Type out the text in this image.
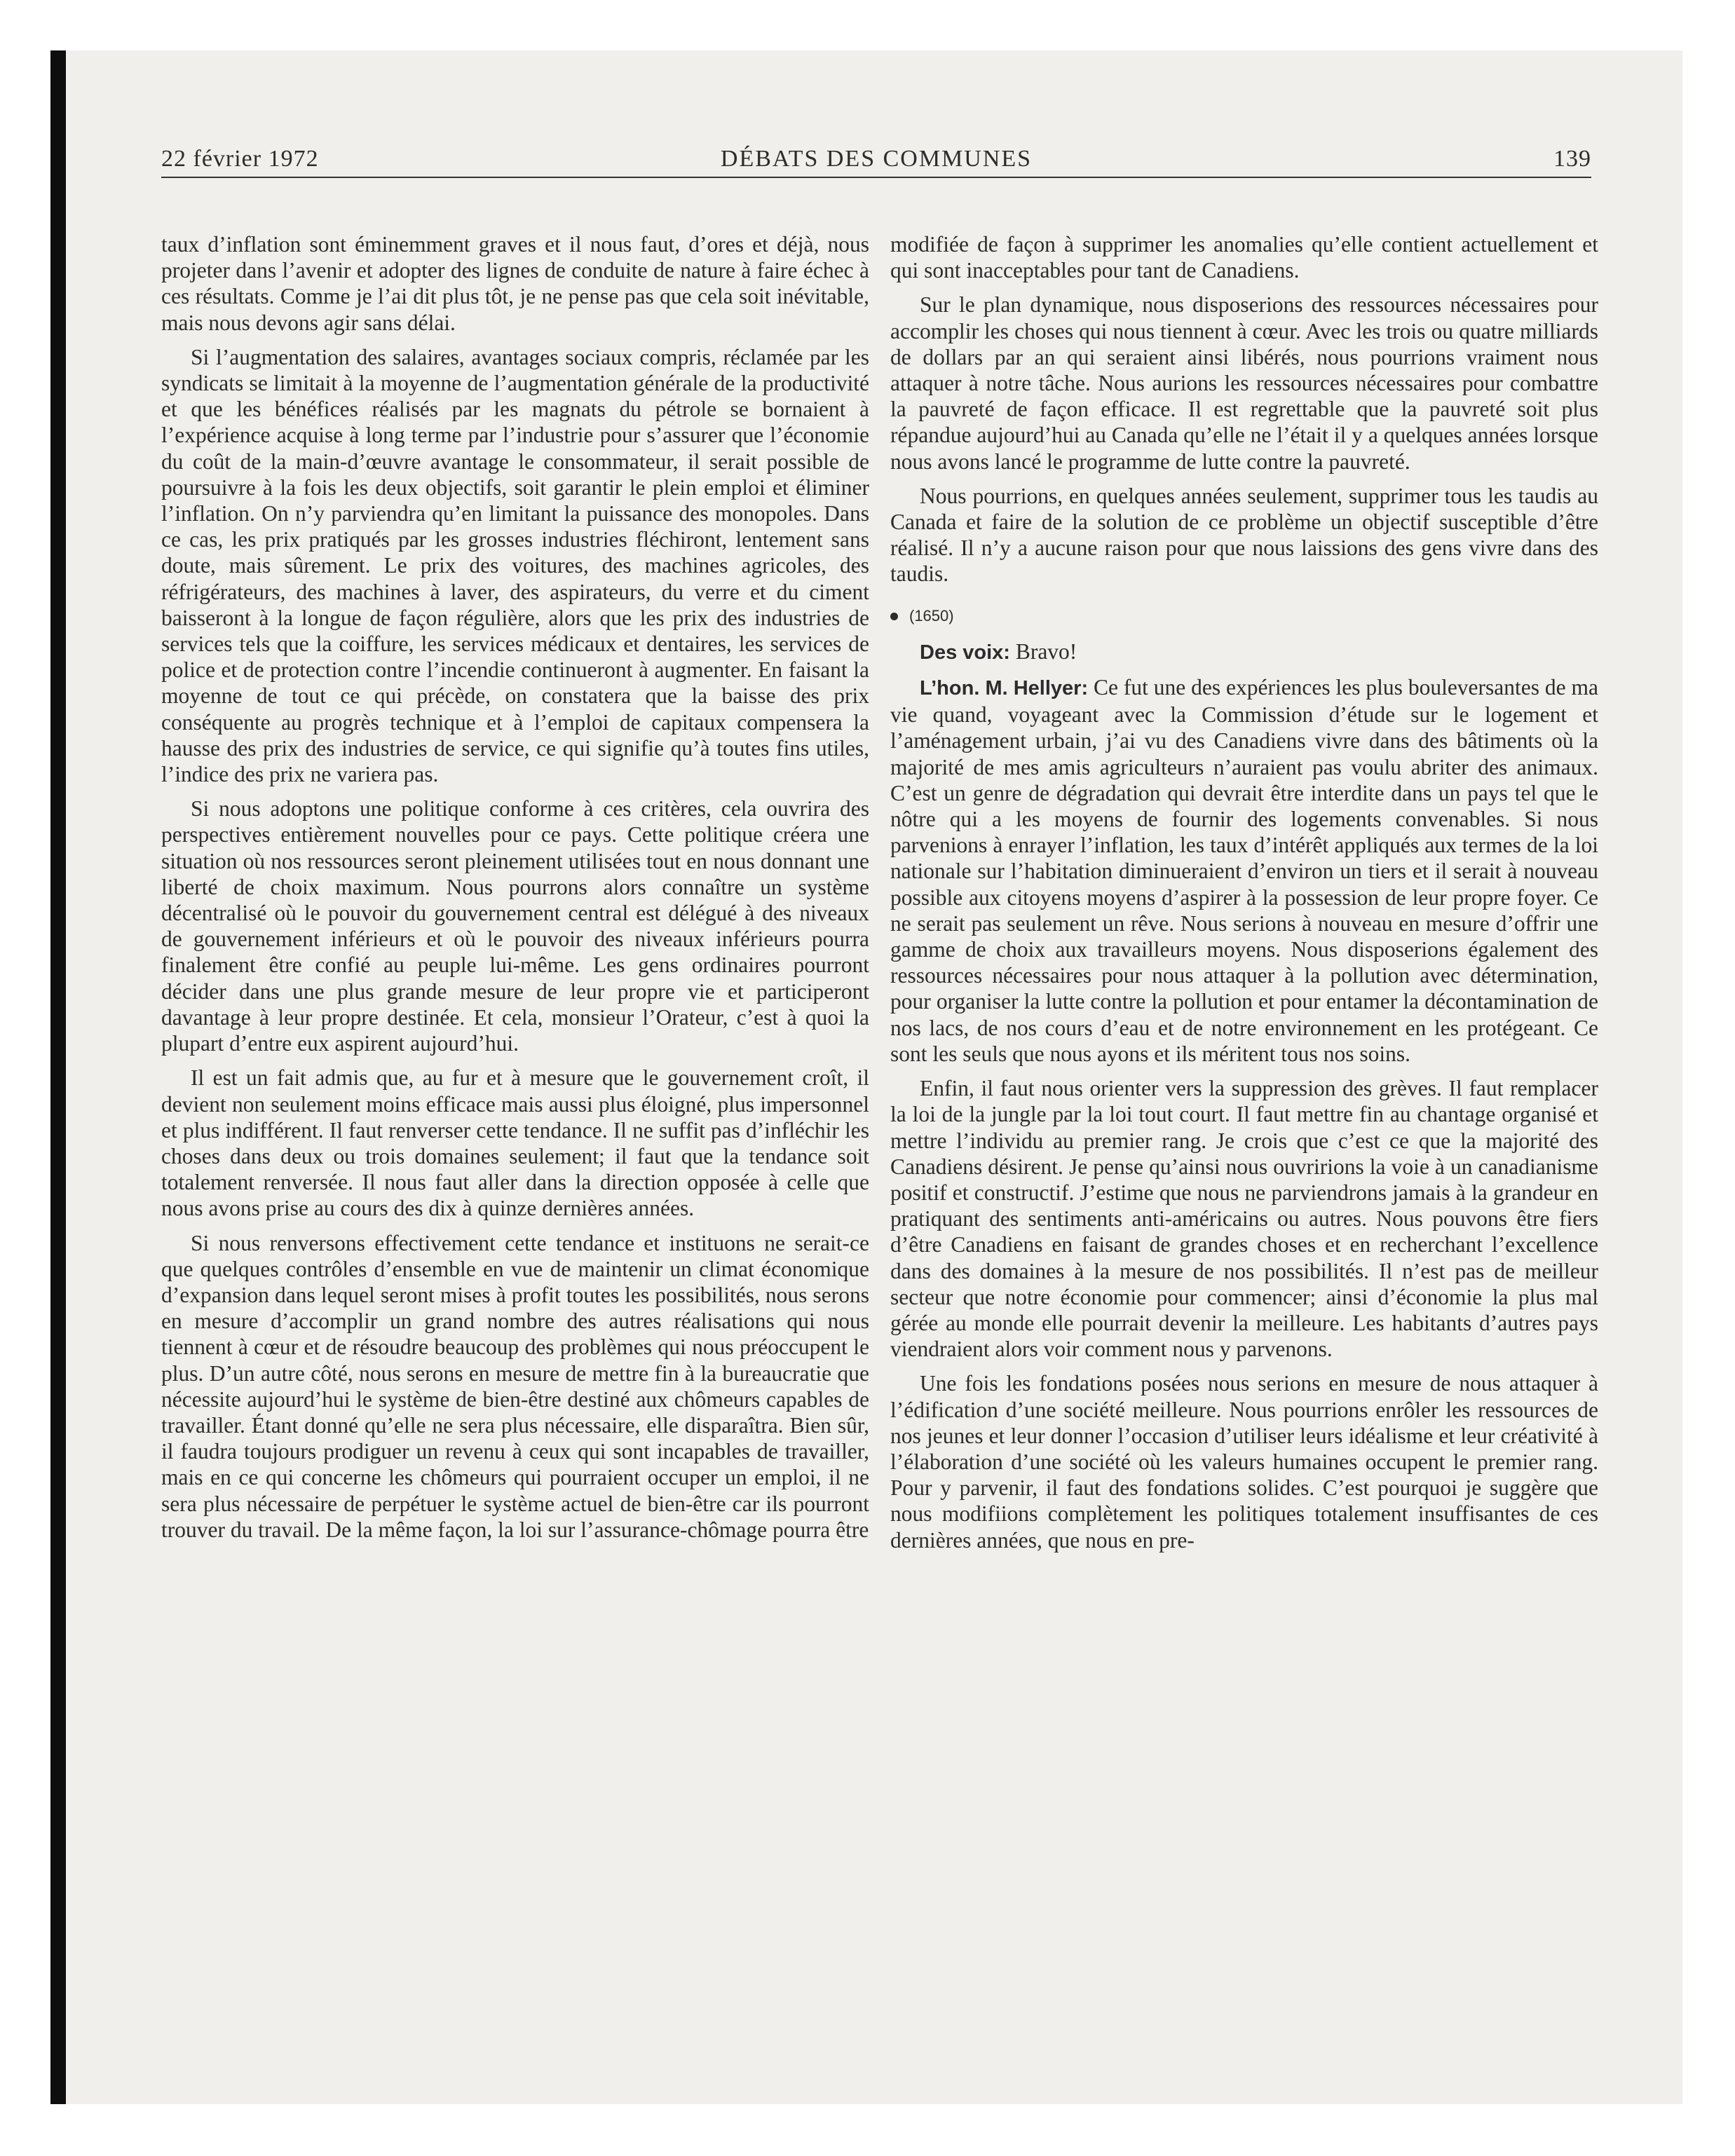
22 février 1972	DÉBATS DES COMMUNES	139

taux d’inflation sont éminemment graves et il nous faut, d’ores et déjà, nous projeter dans l’avenir et adopter des lignes de conduite de nature à faire échec à ces résultats. Comme je l’ai dit plus tôt, je ne pense pas que cela soit inévitable, mais nous devons agir sans délai.

Si l’augmentation des salaires, avantages sociaux compris, réclamée par les syndicats se limitait à la moyenne de l’augmentation générale de la productivité et que les bénéfices réalisés par les magnats du pétrole se bornaient à l’expérience acquise à long terme par l’industrie pour s’assurer que l’économie du coût de la main-d’œuvre avantage le consommateur, il serait possible de poursuivre à la fois les deux objectifs, soit garantir le plein emploi et éliminer l’inflation. On n’y parviendra qu’en limitant la puissance des monopoles. Dans ce cas, les prix pratiqués par les grosses industries fléchiront, lentement sans doute, mais sûrement. Le prix des voitures, des machines agricoles, des réfrigérateurs, des machines à laver, des aspirateurs, du verre et du ciment baisseront à la longue de façon régulière, alors que les prix des industries de services tels que la coiffure, les services médicaux et dentaires, les services de police et de protection contre l’incendie continueront à augmenter. En faisant la moyenne de tout ce qui précède, on constatera que la baisse des prix conséquente au progrès technique et à l’emploi de capitaux compensera la hausse des prix des industries de service, ce qui signifie qu’à toutes fins utiles, l’indice des prix ne variera pas.

Si nous adoptons une politique conforme à ces critères, cela ouvrira des perspectives entièrement nouvelles pour ce pays. Cette politique créera une situation où nos ressources seront pleinement utilisées tout en nous donnant une liberté de choix maximum. Nous pourrons alors connaître un système décentralisé où le pouvoir du gouvernement central est délégué à des niveaux de gouvernement inférieurs et où le pouvoir des niveaux inférieurs pourra finalement être confié au peuple lui-même. Les gens ordinaires pourront décider dans une plus grande mesure de leur propre vie et participeront davantage à leur propre destinée. Et cela, monsieur l’Orateur, c’est à quoi la plupart d’entre eux aspirent aujourd’hui.

Il est un fait admis que, au fur et à mesure que le gouvernement croît, il devient non seulement moins efficace mais aussi plus éloigné, plus impersonnel et plus indifférent. Il faut renverser cette tendance. Il ne suffit pas d’infléchir les choses dans deux ou trois domaines seulement; il faut que la tendance soit totalement renversée. Il nous faut aller dans la direction opposée à celle que nous avons prise au cours des dix à quinze dernières années.

Si nous renversons effectivement cette tendance et instituons ne serait-ce que quelques contrôles d’ensemble en vue de maintenir un climat économique d’expansion dans lequel seront mises à profit toutes les possibilités, nous serons en mesure d’accomplir un grand nombre des autres réalisations qui nous tiennent à cœur et de résoudre beaucoup des problèmes qui nous préoccupent le plus. D’un autre côté, nous serons en mesure de mettre fin à la bureaucratie que nécessite aujourd’hui le système de bien-être destiné aux chômeurs capables de travailler. Étant donné qu’elle ne sera plus nécessaire, elle disparaîtra. Bien sûr, il faudra toujours prodiguer un revenu à ceux qui sont incapables de travailler, mais en ce qui concerne les chômeurs qui pourraient occuper un emploi, il ne sera plus nécessaire de perpétuer le système actuel de bien-être car ils pourront trouver du travail. De la même façon, la loi sur l’assurance-chômage pourra être

modifiée de façon à supprimer les anomalies qu’elle contient actuellement et qui sont inacceptables pour tant de Canadiens.

Sur le plan dynamique, nous disposerions des ressources nécessaires pour accomplir les choses qui nous tiennent à cœur. Avec les trois ou quatre milliards de dollars par an qui seraient ainsi libérés, nous pourrions vraiment nous attaquer à notre tâche. Nous aurions les ressources nécessaires pour combattre la pauvreté de façon efficace. Il est regrettable que la pauvreté soit plus répandue aujourd’hui au Canada qu’elle ne l’était il y a quelques années lorsque nous avons lancé le programme de lutte contre la pauvreté.

Nous pourrions, en quelques années seulement, supprimer tous les taudis au Canada et faire de la solution de ce problème un objectif susceptible d’être réalisé. Il n’y a aucune raison pour que nous laissions des gens vivre dans des taudis.

(1650)

Des voix: Bravo!

L’hon. M. Hellyer: Ce fut une des expériences les plus bouleversantes de ma vie quand, voyageant avec la Commission d’étude sur le logement et l’aménagement urbain, j’ai vu des Canadiens vivre dans des bâtiments où la majorité de mes amis agriculteurs n’auraient pas voulu abriter des animaux. C’est un genre de dégradation qui devrait être interdite dans un pays tel que le nôtre qui a les moyens de fournir des logements convenables. Si nous parvenions à enrayer l’inflation, les taux d’intérêt appliqués aux termes de la loi nationale sur l’habitation diminueraient d’environ un tiers et il serait à nouveau possible aux citoyens moyens d’aspirer à la possession de leur propre foyer. Ce ne serait pas seulement un rêve. Nous serions à nouveau en mesure d’offrir une gamme de choix aux travailleurs moyens. Nous disposerions également des ressources nécessaires pour nous attaquer à la pollution avec détermination, pour organiser la lutte contre la pollution et pour entamer la décontamination de nos lacs, de nos cours d’eau et de notre environnement en les protégeant. Ce sont les seuls que nous ayons et ils méritent tous nos soins.

Enfin, il faut nous orienter vers la suppression des grèves. Il faut remplacer la loi de la jungle par la loi tout court. Il faut mettre fin au chantage organisé et mettre l’individu au premier rang. Je crois que c’est ce que la majorité des Canadiens désirent. Je pense qu’ainsi nous ouvririons la voie à un canadianisme positif et constructif. J’estime que nous ne parviendrons jamais à la grandeur en pratiquant des sentiments anti-américains ou autres. Nous pouvons être fiers d’être Canadiens en faisant de grandes choses et en recherchant l’excellence dans des domaines à la mesure de nos possibilités. Il n’est pas de meilleur secteur que notre économie pour commencer; ainsi d’économie la plus mal gérée au monde elle pourrait devenir la meilleure. Les habitants d’autres pays viendraient alors voir comment nous y parvenons.

Une fois les fondations posées nous serions en mesure de nous attaquer à l’édification d’une société meilleure. Nous pourrions enrôler les ressources de nos jeunes et leur donner l’occasion d’utiliser leurs idéalisme et leur créativité à l’élaboration d’une société où les valeurs humaines occupent le premier rang. Pour y parvenir, il faut des fondations solides. C’est pourquoi je suggère que nous modifiions complètement les politiques totalement insuffisantes de ces dernières années, que nous en pre-
